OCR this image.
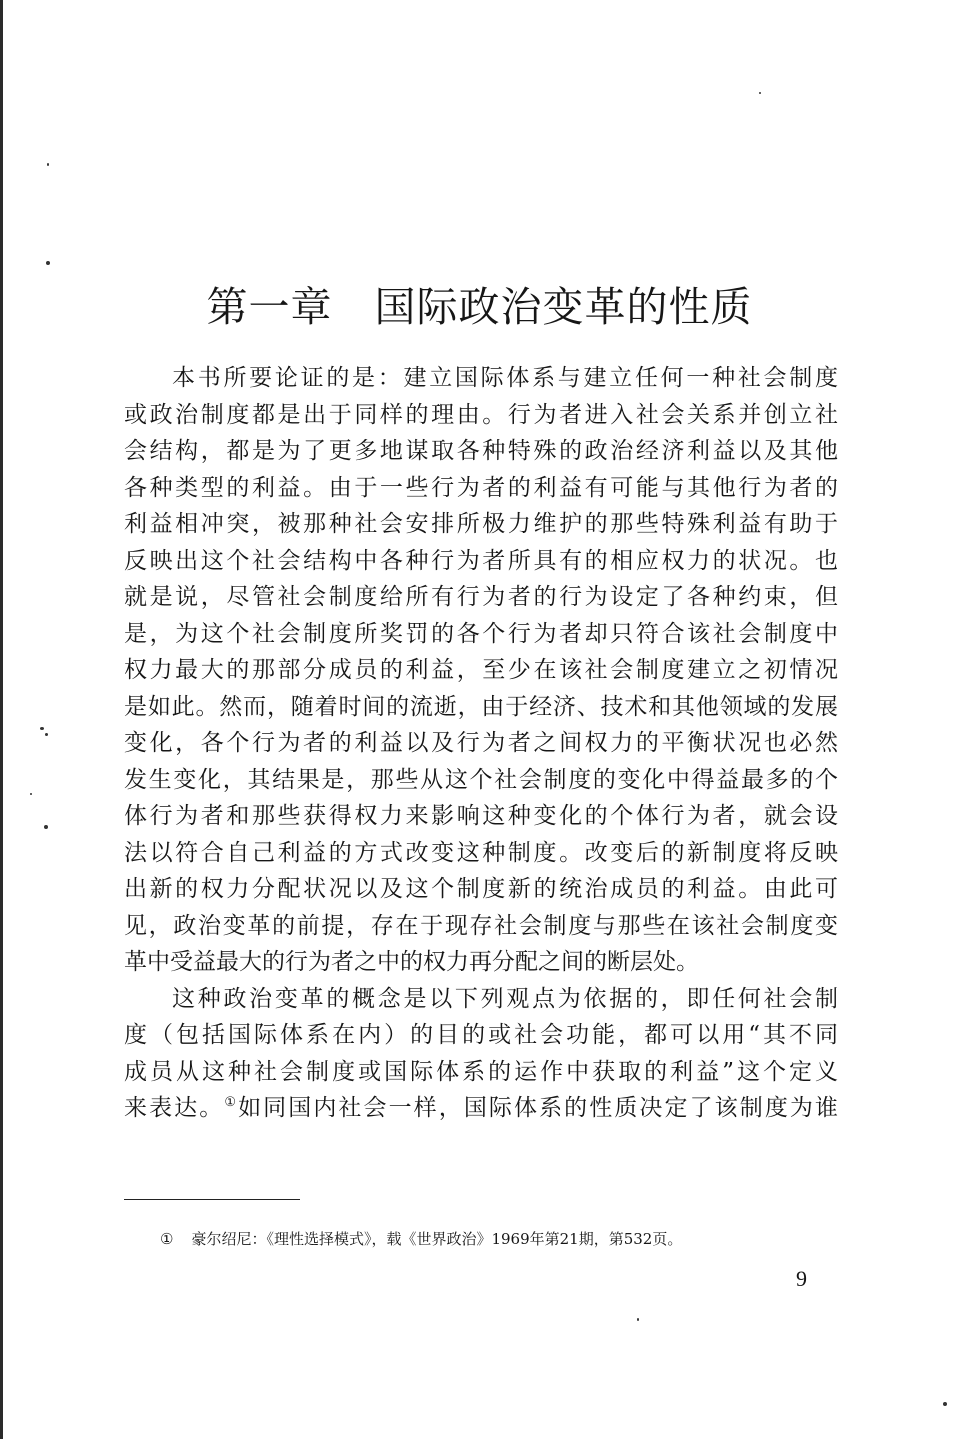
第一章　国际政治变革的性质

本书所要论证的是：建立国际体系与建立任何一种社会制度
或政治制度都是出于同样的理由。行为者进入社会关系并创立社
会结构，都是为了更多地谋取各种特殊的政治经济利益以及其他
各种类型的利益。由于一些行为者的利益有可能与其他行为者的
利益相冲突，被那种社会安排所极力维护的那些特殊利益有助于
反映出这个社会结构中各种行为者所具有的相应权力的状况。也
就是说，尽管社会制度给所有行为者的行为设定了各种约束，但
是，为这个社会制度所奖罚的各个行为者却只符合该社会制度中
权力最大的那部分成员的利益，至少在该社会制度建立之初情况
是如此。然而，随着时间的流逝，由于经济、技术和其他领域的发展
变化，各个行为者的利益以及行为者之间权力的平衡状况也必然
发生变化，其结果是，那些从这个社会制度的变化中得益最多的个
体行为者和那些获得权力来影响这种变化的个体行为者，就会设
法以符合自己利益的方式改变这种制度。改变后的新制度将反映
出新的权力分配状况以及这个制度新的统治成员的利益。由此可
见，政治变革的前提，存在于现存社会制度与那些在该社会制度变
革中受益最大的行为者之中的权力再分配之间的断层处。

这种政治变革的概念是以下列观点为依据的，即任何社会制
度（包括国际体系在内）的目的或社会功能，都可以用“其不同
成员从这种社会制度或国际体系的运作中获取的利益”这个定义
来表达。①如同国内社会一样，国际体系的性质决定了该制度为谁

① 豪尔绍尼：《理性选择模式》，载《世界政治》1969年第21期，第532页。
9
